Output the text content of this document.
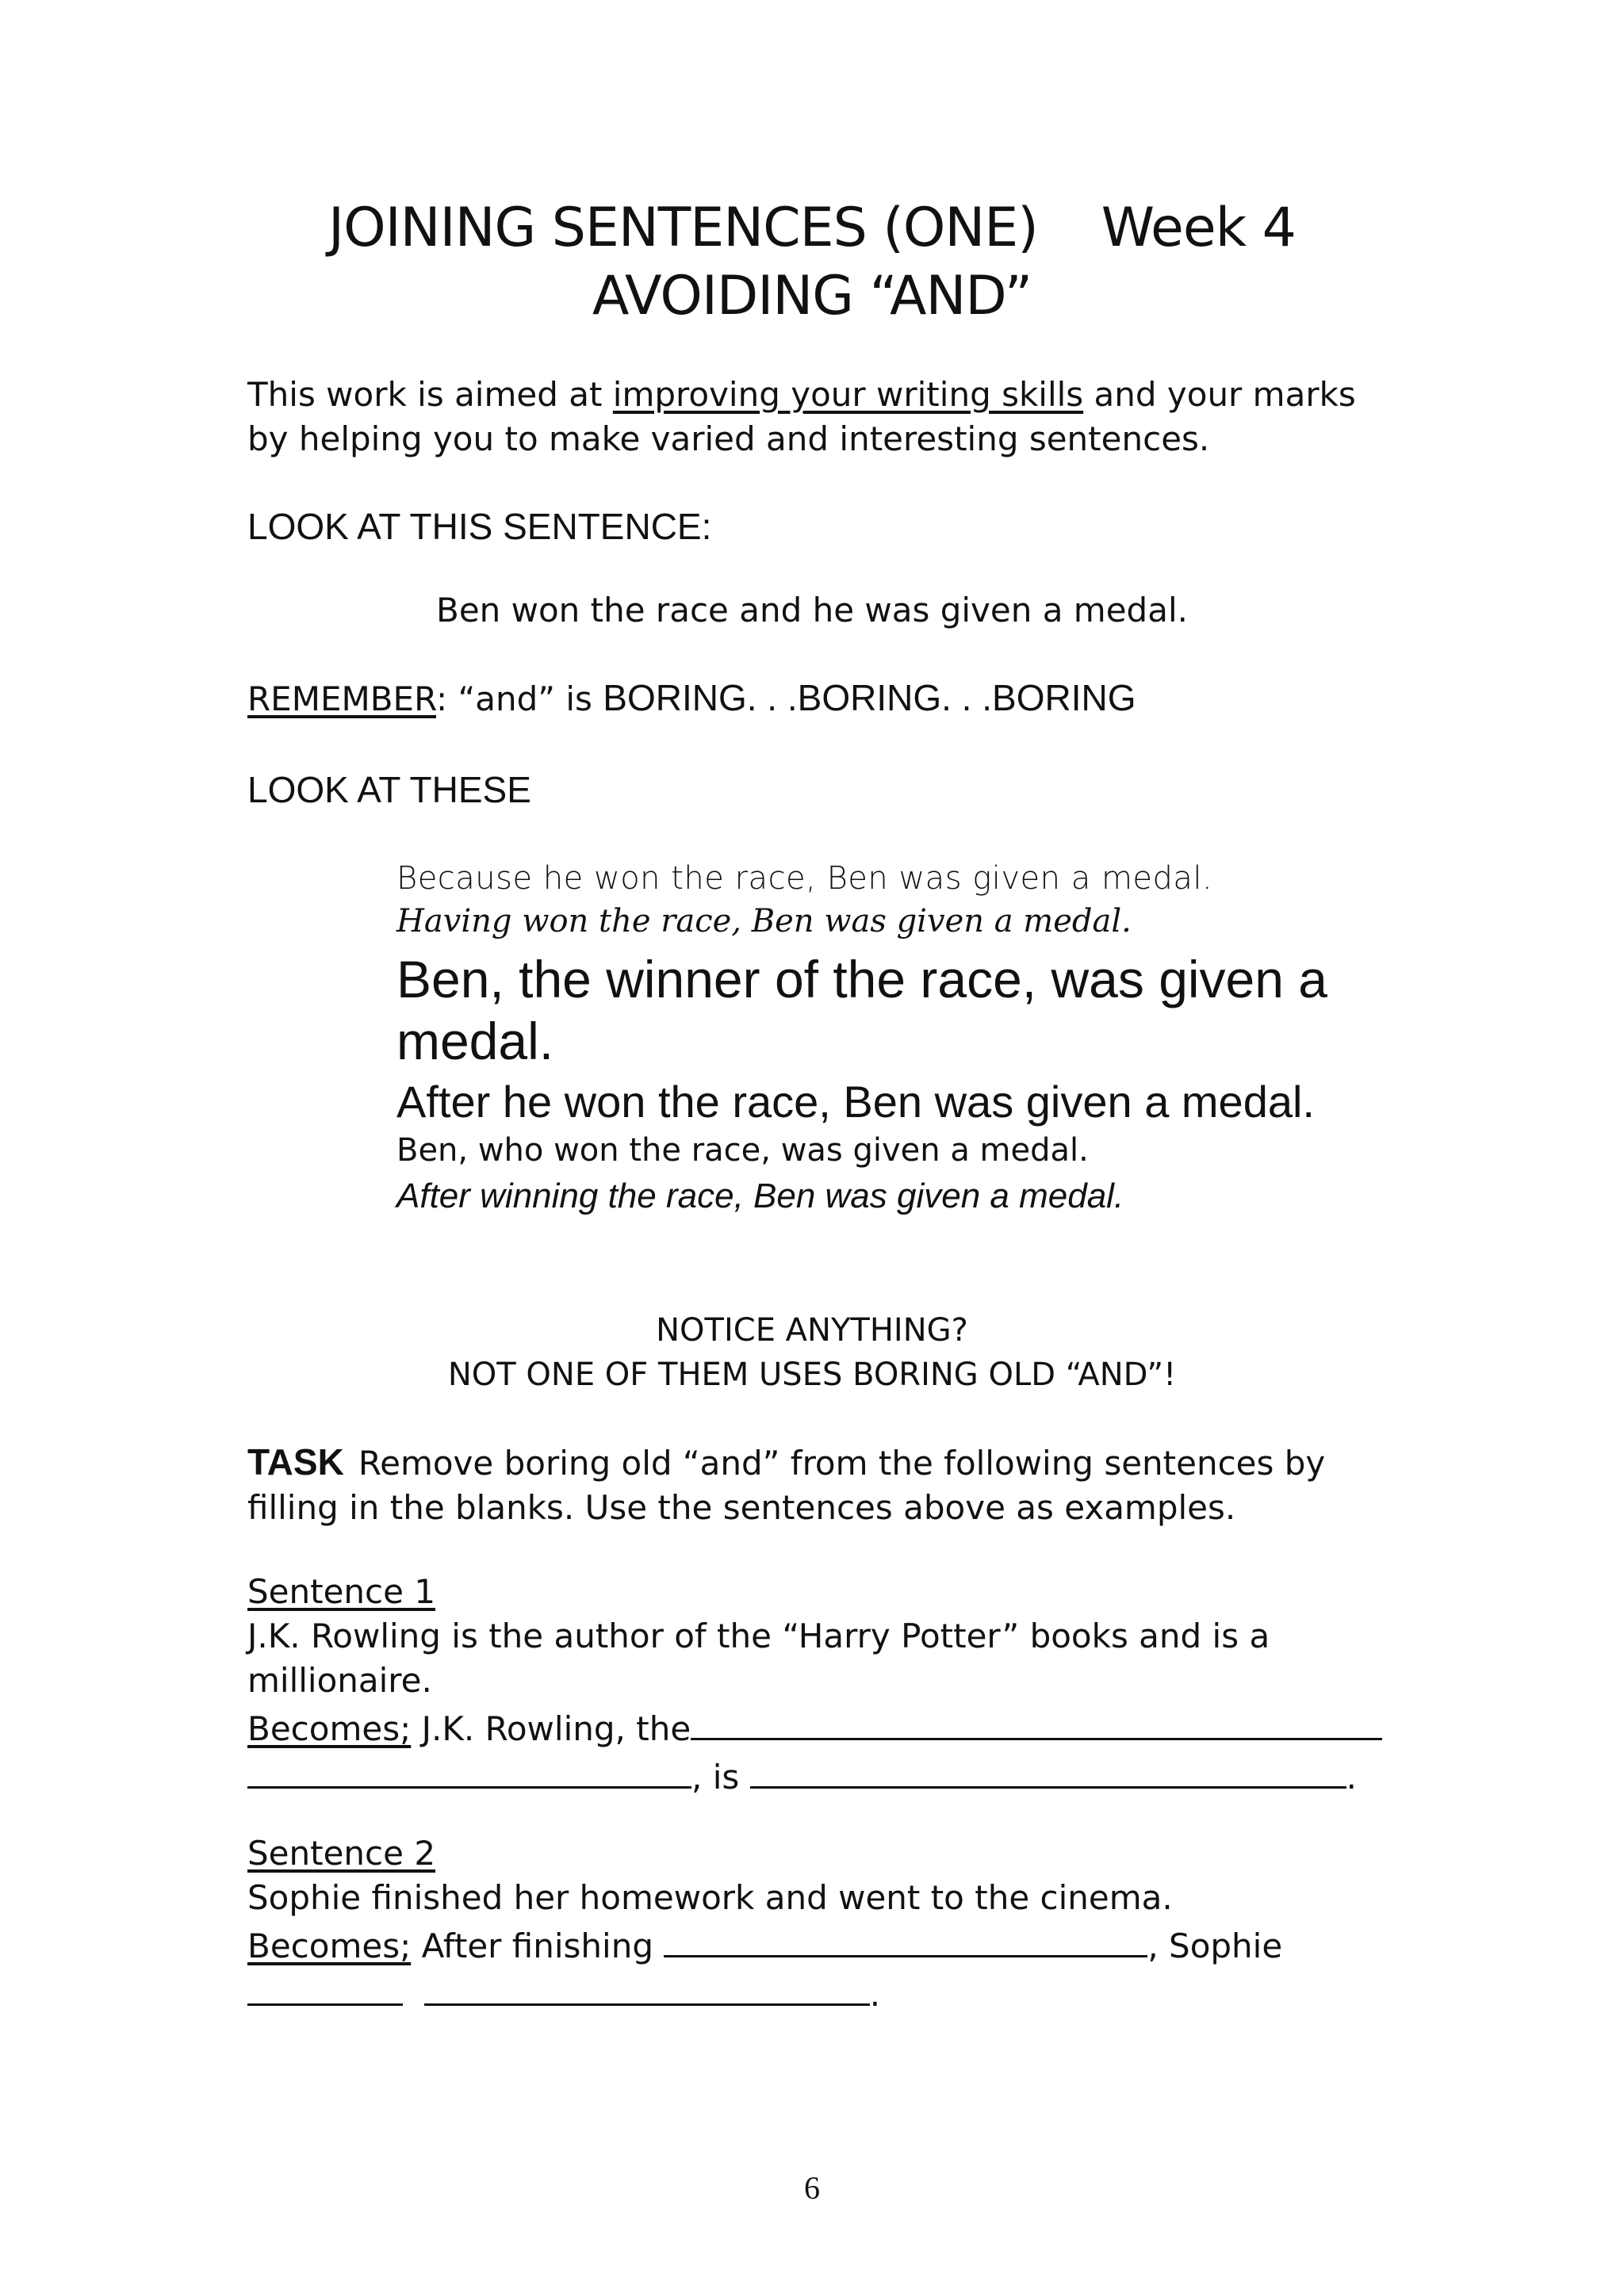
JOINING SENTENCES (ONE) Week 4
AVOIDING “AND”

This work is aimed at improving your writing skills and your marks by helping you to make varied and interesting sentences.

LOOK AT THIS SENTENCE:

Ben won the race and he was given a medal.

REMEMBER: “and” is BORING. . .BORING. . .BORING

LOOK AT THESE

Because he won the race, Ben was given a medal.

Having won the race, Ben was given a medal.

Ben, the winner of the race, was given a medal.

After he won the race, Ben was given a medal.

Ben, who won the race, was given a medal.

After winning the race, Ben was given a medal.

NOTICE ANYTHING?

NOT ONE OF THEM USES BORING OLD “AND”!

TASK Remove boring old “and” from the following sentences by filling in the blanks. Use the sentences above as examples.

Sentence 1
J.K. Rowling is the author of the “Harry Potter” books and is a millionaire.
Becomes; J.K. Rowling, the
, is	.
Sentence 2
Sophie finished her homework and went to the cinema.
Becomes; After finishing	, Sophie
.

6
